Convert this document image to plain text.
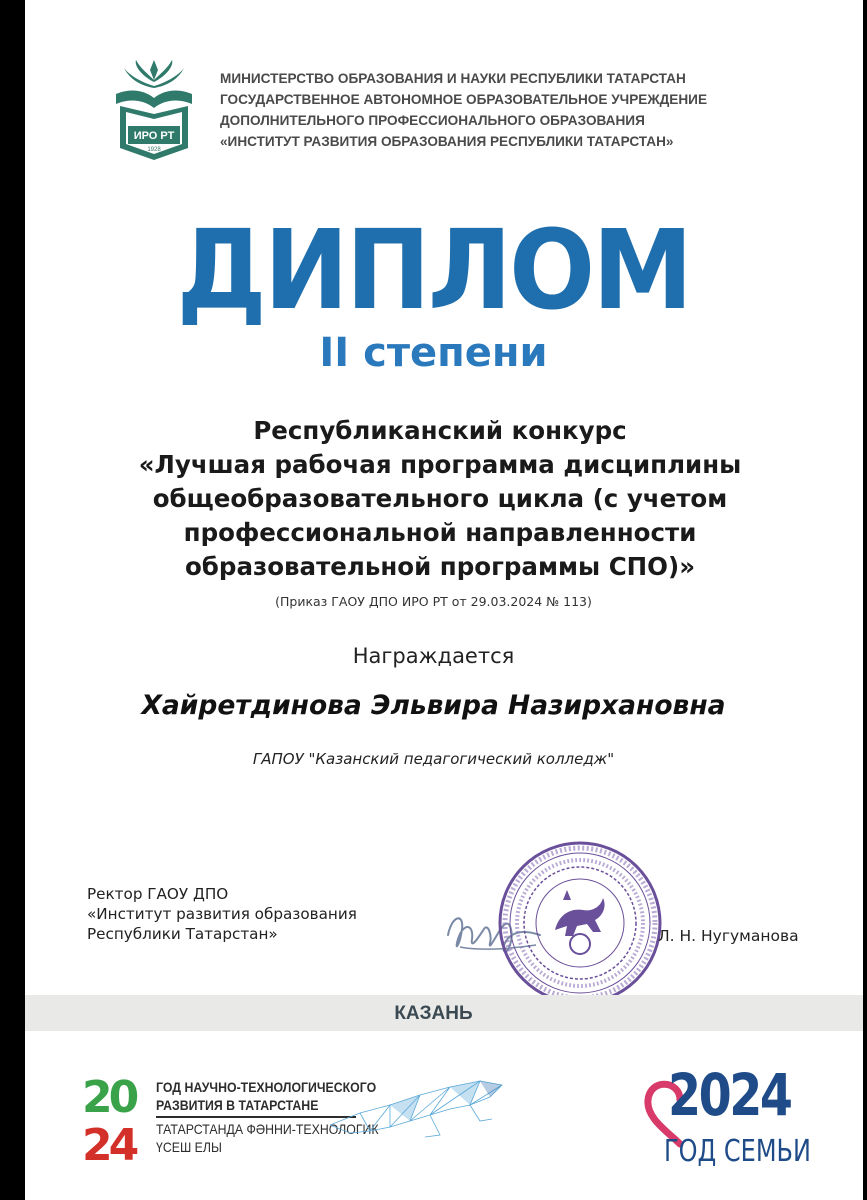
ИРО РТ
1928
МИНИСТЕРСТВО ОБРАЗОВАНИЯ И НАУКИ РЕСПУБЛИКИ ТАТАРСТАН
ГОСУДАРСТВЕННОЕ АВТОНОМНОЕ ОБРАЗОВАТЕЛЬНОЕ УЧРЕЖДЕНИЕ
ДОПОЛНИТЕЛЬНОГО ПРОФЕССИОНАЛЬНОГО ОБРАЗОВАНИЯ
«ИНСТИТУТ РАЗВИТИЯ ОБРАЗОВАНИЯ РЕСПУБЛИКИ ТАТАРСТАН»
ДИПЛОМ
II степени
Республиканский конкурс
«Лучшая рабочая программа дисциплины
общеобразовательного цикла (с учетом
профессиональной направленности
образовательной программы СПО)»
(Приказ ГАОУ ДПО ИРО РТ от 29.03.2024 № 113)
Награждается
Хайретдинова Эльвира Назирхановна
ГАПОУ "Казанский педагогический колледж"
Ректор ГАОУ ДПО
«Институт развития образования
Республики Татарстан»	Л. Н. Нугуманова
КАЗАНЬ
20
24
ГОД НАУЧНО-ТЕХНОЛОГИЧЕСКОГО
РАЗВИТИЯ В ТАТАРСТАНЕ
ТАТАРСТАНДА ФӘННИ-ТЕХНОЛОГИК
ҮСЕШ ЕЛЫ
2024
ГОД СЕМЬИ
